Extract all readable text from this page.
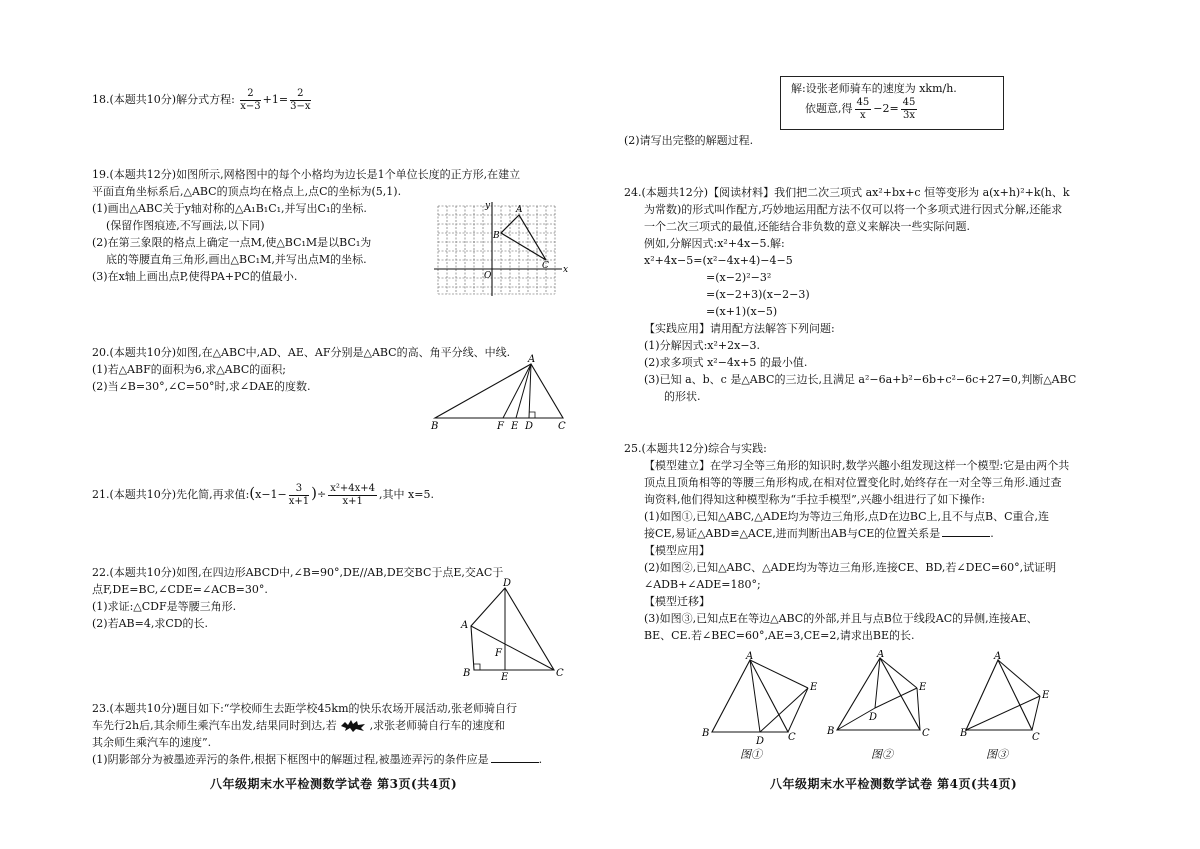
18.(本题共10分)解分式方程: $\frac{2}{x-3} +1= \frac{2}{3-x}$
19.(本题共12分)如图所示,网格图中的每个小格均为边长是1个单位长度的正方形,在建立
平面直角坐标系后,△ABC的顶点均在格点上,点C的坐标为(5,1).
(1)画出△ABC关于y轴对称的△A₁B₁C₁,并写出C₁的坐标.
(保留作图痕迹,不写画法,以下同)
(2)在第三象限的格点上确定一点M,使△BC₁M是以BC₁为
底的等腰直角三角形,画出△BC₁M,并写出点M的坐标.
(3)在x轴上画出点P,使得PA+PC的值最小.
y	A
B
C
O
x
20.(本题共10分)如图,在△ABC中,AD、AE、AF分别是△ABC的高、角平分线、中线.
(1)若△ABF的面积为6,求△ABC的面积;
(2)当∠B=30°,∠C=50°时,求∠DAE的度数.
A
B	F E D C
21.(本题共10分)先化简,再求值:(x−1− $\frac{3}{x+1}$ )÷ $\frac{\text{x²+4x+4}}{x+1}$ ,其中 x=5.
22.(本题共10分)如图,在四边形ABCD中,∠B=90°,DE//AB,DE交BC于点E,交AC于
点F,DE=BC,∠CDE=∠ACB=30°.
(1)求证:△CDF是等腰三角形.
(2)若AB=4,求CD的长.
D
A
F
B	E	C
23.(本题共10分)题目如下:“学校师生去距学校45km的快乐农场开展活动,张老师骑自行
车先行2h后,其余师生乘汽车出发,结果同时到达,若	,求张老师骑自行车的速度和
其余师生乘汽车的速度”.
(1)阴影部分为被墨迹弄污的条件,根据下框图中的解题过程,被墨迹弄污的条件应是	.
八年级期末水平检测数学试卷 第3页(共4页)
解:设张老师骑车的速度为 xkm/h.
依题意,得 $\frac{45}{x} -2= \frac{45}{3x}$
(2)请写出完整的解题过程.
24.(本题共12分)【阅读材料】我们把二次三项式 ax²+bx+c 恒等变形为 a(x+h)²+k(h、k
为常数)的形式叫作配方,巧妙地运用配方法不仅可以将一个多项式进行因式分解,还能求
一个二次三项式的最值,还能结合非负数的意义来解决一些实际问题.
例如,分解因式:x²+4x−5.解:
x²+4x−5=(x²−4x+4)−4−5
=(x−2)²−3²
=(x−2+3)(x−2−3)
=(x+1)(x−5)
【实践应用】请用配方法解答下列问题:
(1)分解因式:x²+2x−3.
(2)求多项式 x²−4x+5 的最小值.
(3)已知 a、b、c 是△ABC的三边长,且满足 a²−6a+b²−6b+c²−6c+27=0,判断△ABC
的形状.
25.(本题共12分)综合与实践:
【模型建立】在学习全等三角形的知识时,数学兴趣小组发现这样一个模型:它是由两个共
顶点且顶角相等的等腰三角形构成,在相对位置变化时,始终存在一对全等三角形.通过查
询资料,他们得知这种模型称为“手拉手模型”,兴趣小组进行了如下操作:
(1)如图①,已知△ABC,△ADE均为等边三角形,点D在边BC上,且不与点B、C重合,连
接CE,易证△ABD≌△ACE,进而判断出AB与CE的位置关系是	.
【模型应用】
(2)如图②,已知△ABC、△ADE均为等边三角形,连接CE、BD,若∠DEC=60°,试证明
∠ADB+∠ADE=180°;
【模型迁移】
(3)如图③,已知点E在等边△ABC的外部,并且与点B位于线段AC的异侧,连接AE、
BE、CE.若∠BEC=60°,AE=3,CE=2,请求出BE的长.
A
B
D C
E
图①
A
B
D
C
E
图②
A
B	C
E
图③
八年级期末水平检测数学试卷 第4页(共4页)
